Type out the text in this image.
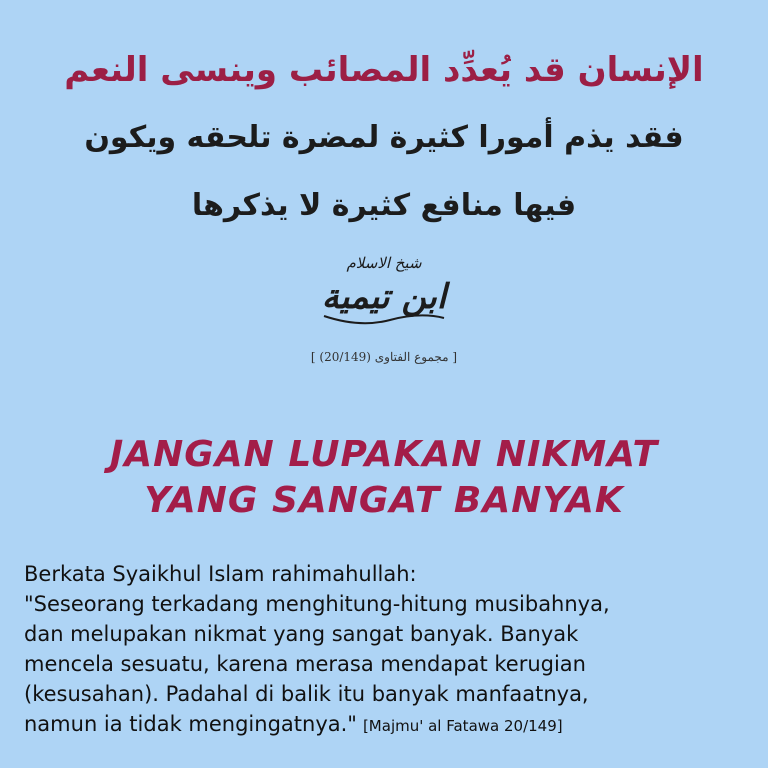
الإنسان قد يُعدِّد المصائب وينسى النعم
فقد يذم أمورا كثيرة لمضرة تلحقه ويكون
فيها منافع كثيرة لا يذكرها
شيخ الاسلام
ابن تيمية
[ مجموع الفتاوى (20/149) ]
JANGAN LUPAKAN NIKMAT
YANG SANGAT BANYAK
Berkata Syaikhul Islam rahimahullah:
"Seseorang terkadang menghitung-hitung musibahnya,
dan melupakan nikmat yang sangat banyak. Banyak
mencela sesuatu, karena merasa mendapat kerugian
(kesusahan). Padahal di balik itu banyak manfaatnya,
namun ia tidak mengingatnya." [Majmu' al Fatawa 20/149]
